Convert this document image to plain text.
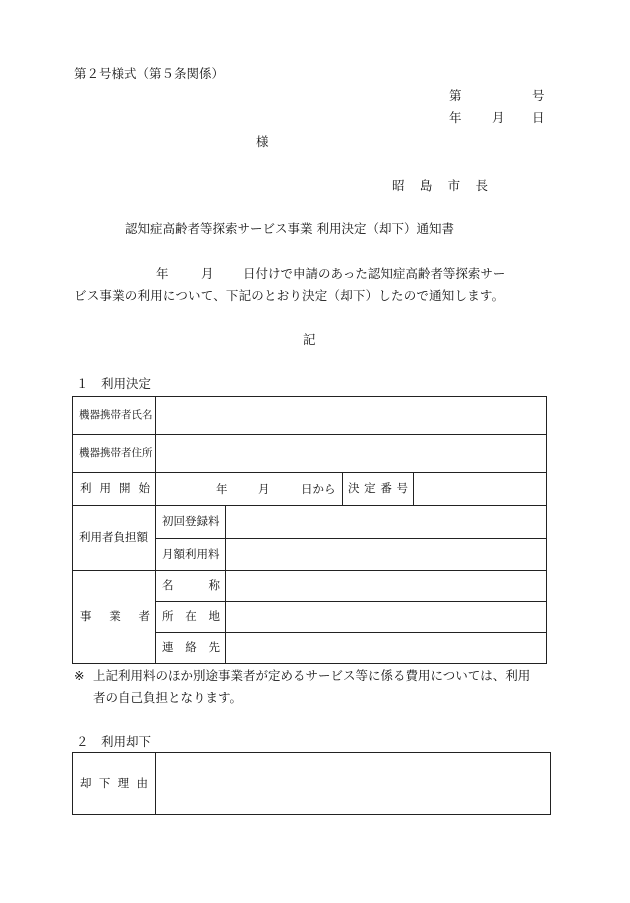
第２号様式（第５条関係）
第	号
年 月 日
様
昭島市長
認知症高齢者等探索サービス事業 利用決定（却下）通知書
年	月 日付けで申請のあった認知症高齢者等探索サー
ビス事業の利用について、下記のとおり決定（却下）したので通知します。
記
１　利用決定
機器携帯者氏名				
機器携帯者住所				
利用開始	年 月 日から		決定番号	
利用者負担額	初回登録料			
	月額利用料			
事業者	名称			
	所在地			
	連絡先			
※ 上記利用料のほか別途事業者が定めるサービス等に係る費用については、利用
者の自己負担となります。
２　利用却下
却下理由	
